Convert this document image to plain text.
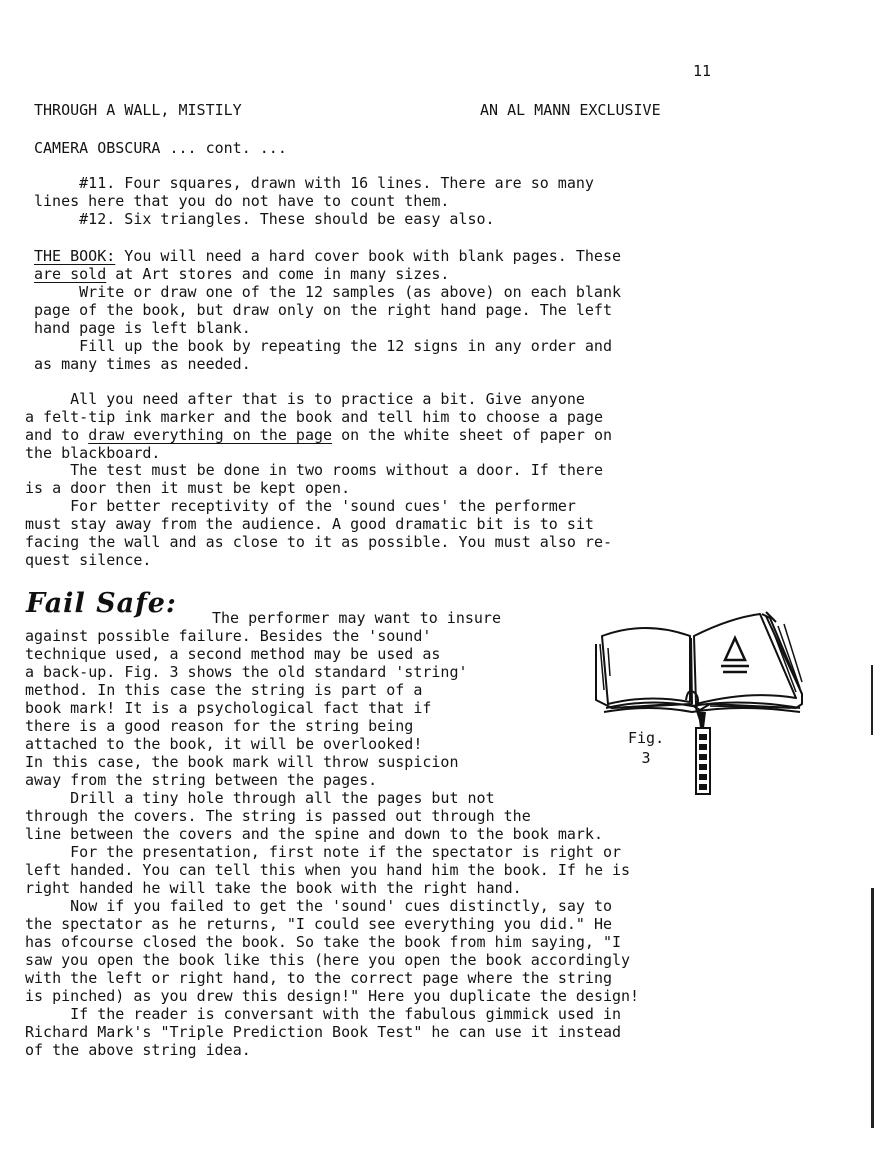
11
THROUGH A WALL, MISTILY	AN AL MANN EXCLUSIVE
CAMERA OBSCURA ... cont. ...
#11. Four squares, drawn with 16 lines. There are so many
lines here that you do not have to count them.
#12. Six triangles. These should be easy also.
THE BOOK: You will need a hard cover book with blank pages. These
are sold at Art stores and come in many sizes.
Write or draw one of the 12 samples (as above) on each blank
page of the book, but draw only on the right hand page. The left
hand page is left blank.
Fill up the book by repeating the 12 signs in any order and
as many times as needed.
All you need after that is to practice a bit. Give anyone
a felt-tip ink marker and the book and tell him to choose a page
and to draw everything on the page on the white sheet of paper on
the blackboard.
The test must be done in two rooms without a door. If there
is a door then it must be kept open.
For better receptivity of the 'sound cues' the performer
must stay away from the audience. A good dramatic bit is to sit
facing the wall and as close to it as possible. You must also re-
quest silence.
Fail Safe: The performer may want to insure
against possible failure. Besides the 'sound'
technique used, a second method may be used as
a back-up. Fig. 3 shows the old standard 'string'
method. In this case the string is part of a
book mark! It is a psychological fact that if
there is a good reason for the string being
attached to the book, it will be overlooked!
In this case, the book mark will throw suspicion
away from the string between the pages.
Drill a tiny hole through all the pages but not
through the covers. The string is passed out through the
line between the covers and the spine and down to the book mark.
For the presentation, first note if the spectator is right or
left handed. You can tell this when you hand him the book. If he is
right handed he will take the book with the right hand.
Now if you failed to get the 'sound' cues distinctly, say to
the spectator as he returns, "I could see everything you did." He
has ofcourse closed the book. So take the book from him saying, "I
saw you open the book like this (here you open the book accordingly
with the left or right hand, to the correct page where the string
is pinched) as you drew this design!" Here you duplicate the design!
If the reader is conversant with the fabulous gimmick used in
Richard Mark's "Triple Prediction Book Test" he can use it instead
of the above string idea.
Fig.
3
